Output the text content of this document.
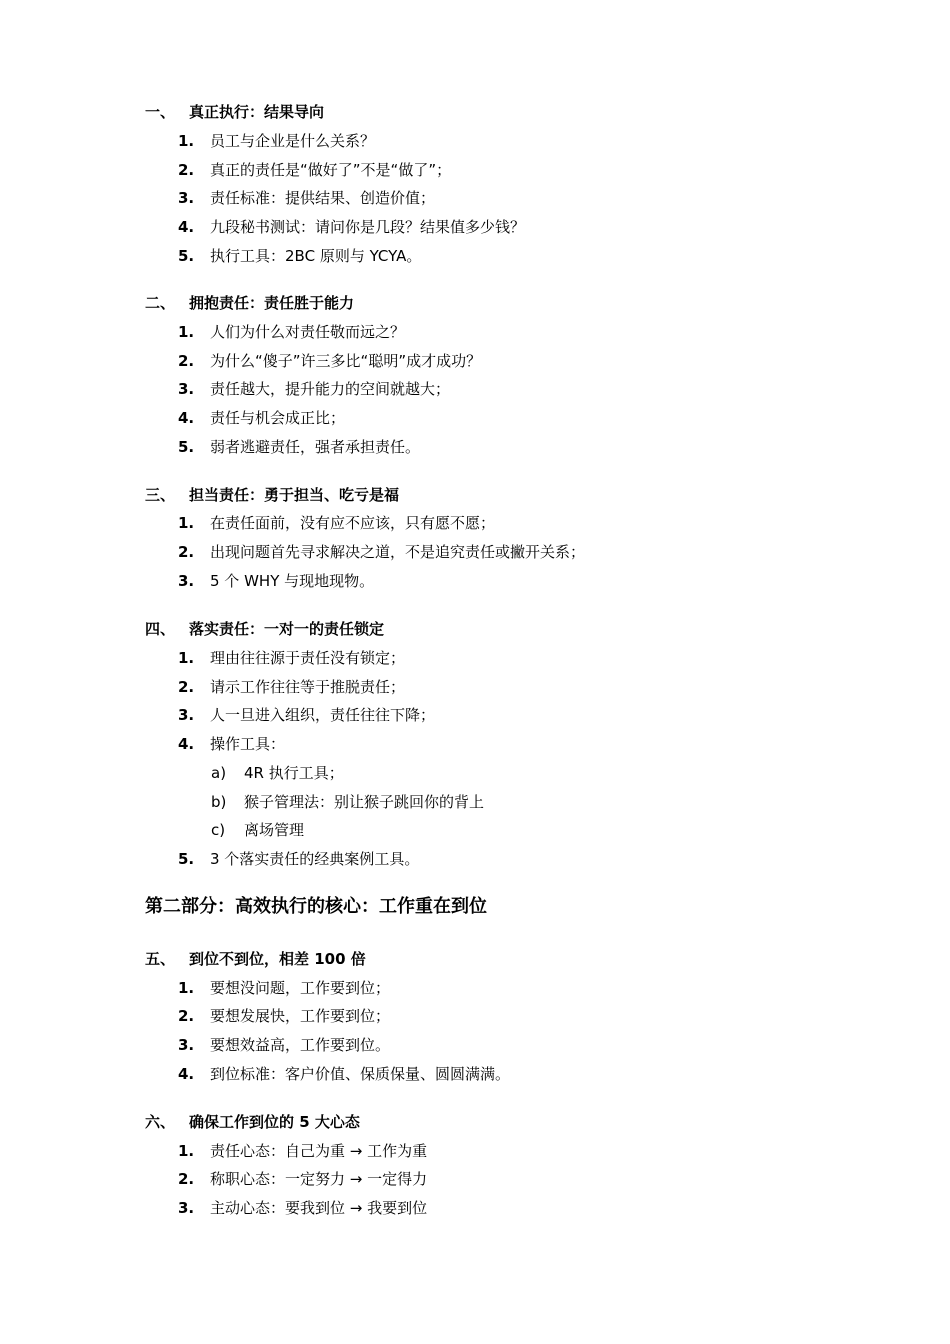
一、 真正执行：结果导向
1. 员工与企业是什么关系？
2. 真正的责任是“做好了”不是“做了”；
3. 责任标准：提供结果、创造价值；
4. 九段秘书测试：请问你是几段？结果值多少钱？
5. 执行工具：2BC 原则与 YCYA。
二、 拥抱责任：责任胜于能力
1. 人们为什么对责任敬而远之？
2. 为什么“傻子”许三多比“聪明”成才成功？
3. 责任越大，提升能力的空间就越大；
4. 责任与机会成正比；
5. 弱者逃避责任，强者承担责任。
三、 担当责任：勇于担当、吃亏是福
1. 在责任面前，没有应不应该，只有愿不愿；
2. 出现问题首先寻求解决之道，不是追究责任或撇开关系；
3. 5 个 WHY 与现地现物。
四、 落实责任：一对一的责任锁定
1. 理由往往源于责任没有锁定；
2. 请示工作往往等于推脱责任；
3. 人一旦进入组织，责任往往下降；
4. 操作工具：
a) 4R 执行工具；
b) 猴子管理法：别让猴子跳回你的背上
c) 离场管理
5. 3 个落实责任的经典案例工具。
第二部分：高效执行的核心：工作重在到位
五、 到位不到位，相差 100 倍
1. 要想没问题，工作要到位；
2. 要想发展快，工作要到位；
3. 要想效益高，工作要到位。
4. 到位标准：客户价值、保质保量、圆圆满满。
六、 确保工作到位的 5 大心态
1. 责任心态：自己为重 → 工作为重
2. 称职心态：一定努力 → 一定得力
3. 主动心态：要我到位 → 我要到位
